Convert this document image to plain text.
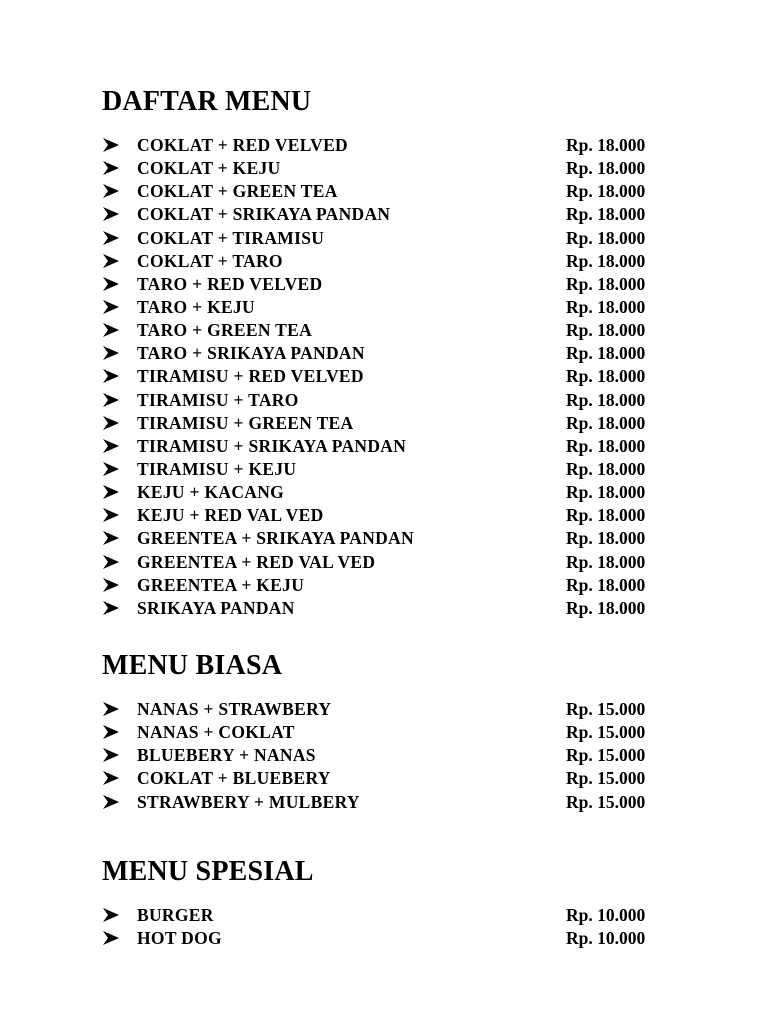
DAFTAR MENU
COKLAT + RED VELVED	Rp. 18.000
COKLAT + KEJU	Rp. 18.000
COKLAT + GREEN TEA	Rp. 18.000
COKLAT + SRIKAYA PANDAN	Rp. 18.000
COKLAT + TIRAMISU	Rp. 18.000
COKLAT + TARO	Rp. 18.000
TARO + RED VELVED	Rp. 18.000
TARO + KEJU	Rp. 18.000
TARO + GREEN TEA	Rp. 18.000
TARO + SRIKAYA PANDAN	Rp. 18.000
TIRAMISU + RED VELVED	Rp. 18.000
TIRAMISU + TARO	Rp. 18.000
TIRAMISU + GREEN TEA	Rp. 18.000
TIRAMISU + SRIKAYA PANDAN	Rp. 18.000
TIRAMISU + KEJU	Rp. 18.000
KEJU + KACANG	Rp. 18.000
KEJU + RED VAL VED	Rp. 18.000
GREENTEA + SRIKAYA PANDAN	Rp. 18.000
GREENTEA + RED VAL VED	Rp. 18.000
GREENTEA + KEJU	Rp. 18.000
SRIKAYA PANDAN	Rp. 18.000
MENU BIASA
NANAS + STRAWBERY	Rp. 15.000
NANAS + COKLAT	Rp. 15.000
BLUEBERY + NANAS	Rp. 15.000
COKLAT + BLUEBERY	Rp. 15.000
STRAWBERY + MULBERY	Rp. 15.000
MENU SPESIAL
BURGER	Rp. 10.000
HOT DOG	Rp. 10.000
